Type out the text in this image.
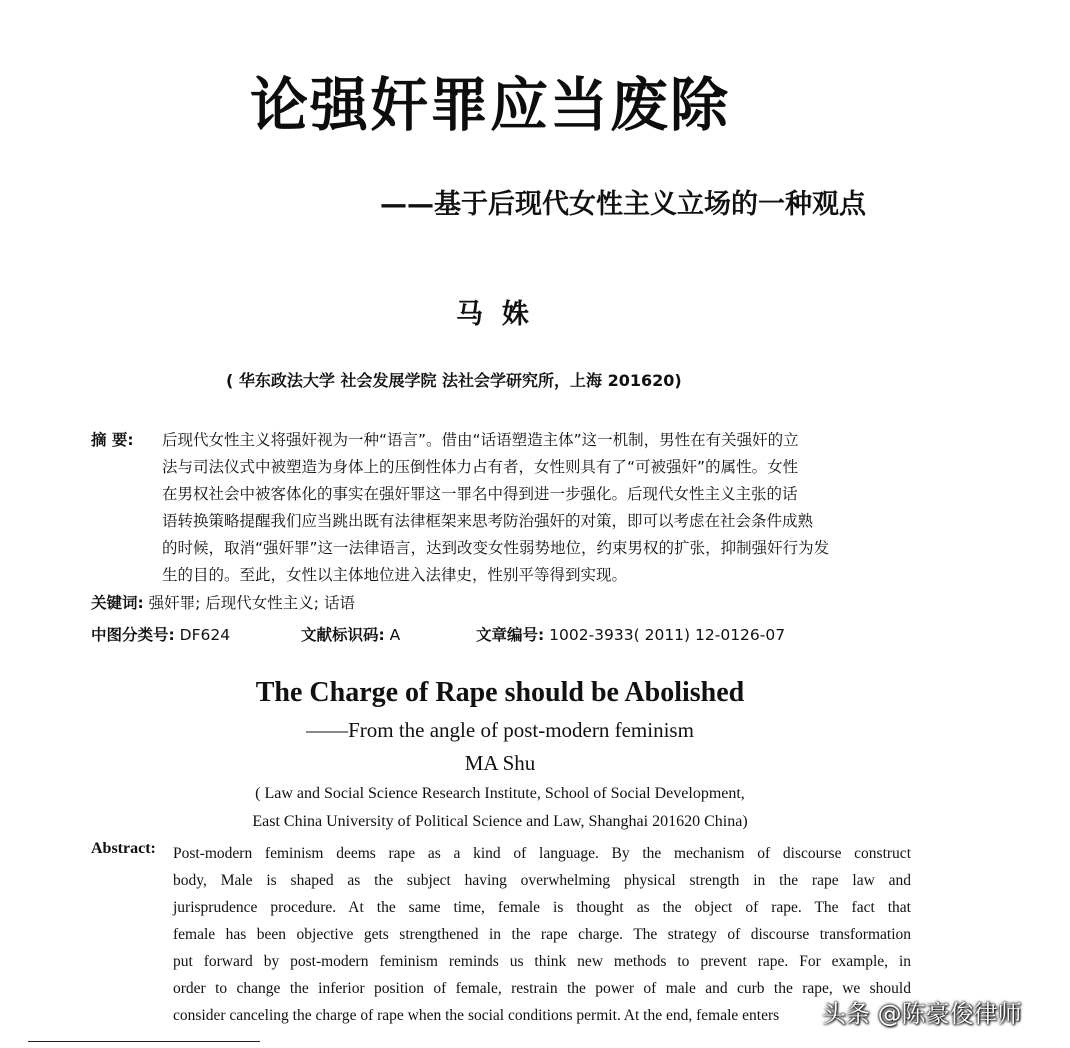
论强奸罪应当废除
——基于后现代女性主义立场的一种观点
马  姝
( 华东政法大学 社会发展学院 法社会学研究所，上海 201620)
摘 要: 后现代女性主义将强奸视为一种“语言”。借由“话语塑造主体”这一机制，男性在有关强奸的立
法与司法仪式中被塑造为身体上的压倒性体力占有者，女性则具有了“可被强奸”的属性。女性
在男权社会中被客体化的事实在强奸罪这一罪名中得到进一步强化。后现代女性主义主张的话
语转换策略提醒我们应当跳出既有法律框架来思考防治强奸的对策，即可以考虑在社会条件成熟
的时候，取消“强奸罪”这一法律语言，达到改变女性弱势地位，约束男权的扩张，抑制强奸行为发
生的目的。至此，女性以主体地位进入法律史，性别平等得到实现。
关键词: 强奸罪; 后现代女性主义; 话语
中图分类号: DF624	文献标识码: A	文章编号: 1002-3933( 2011) 12-0126-07
The Charge of Rape should be Abolished
——From the angle of post-modern feminism
MA Shu
( Law and Social Science Research Institute, School of Social Development,
East China University of Political Science and Law, Shanghai 201620 China)
Abstract: Post-modern feminism deems rape as a kind of language. By the mechanism of discourse construct
body, Male is shaped as the subject having overwhelming physical strength in the rape law and
jurisprudence procedure. At the same time, female is thought as the object of rape. The fact that
female has been objective gets strengthened in the rape charge. The strategy of discourse transformation
put forward by post-modern feminism reminds us think new methods to prevent rape. For example, in
order to change the inferior position of female, restrain the power of male and curb the rape, we should
consider canceling the charge of rape when the social conditions permit. At the end, female enters	头条 @陈豪俊律师
